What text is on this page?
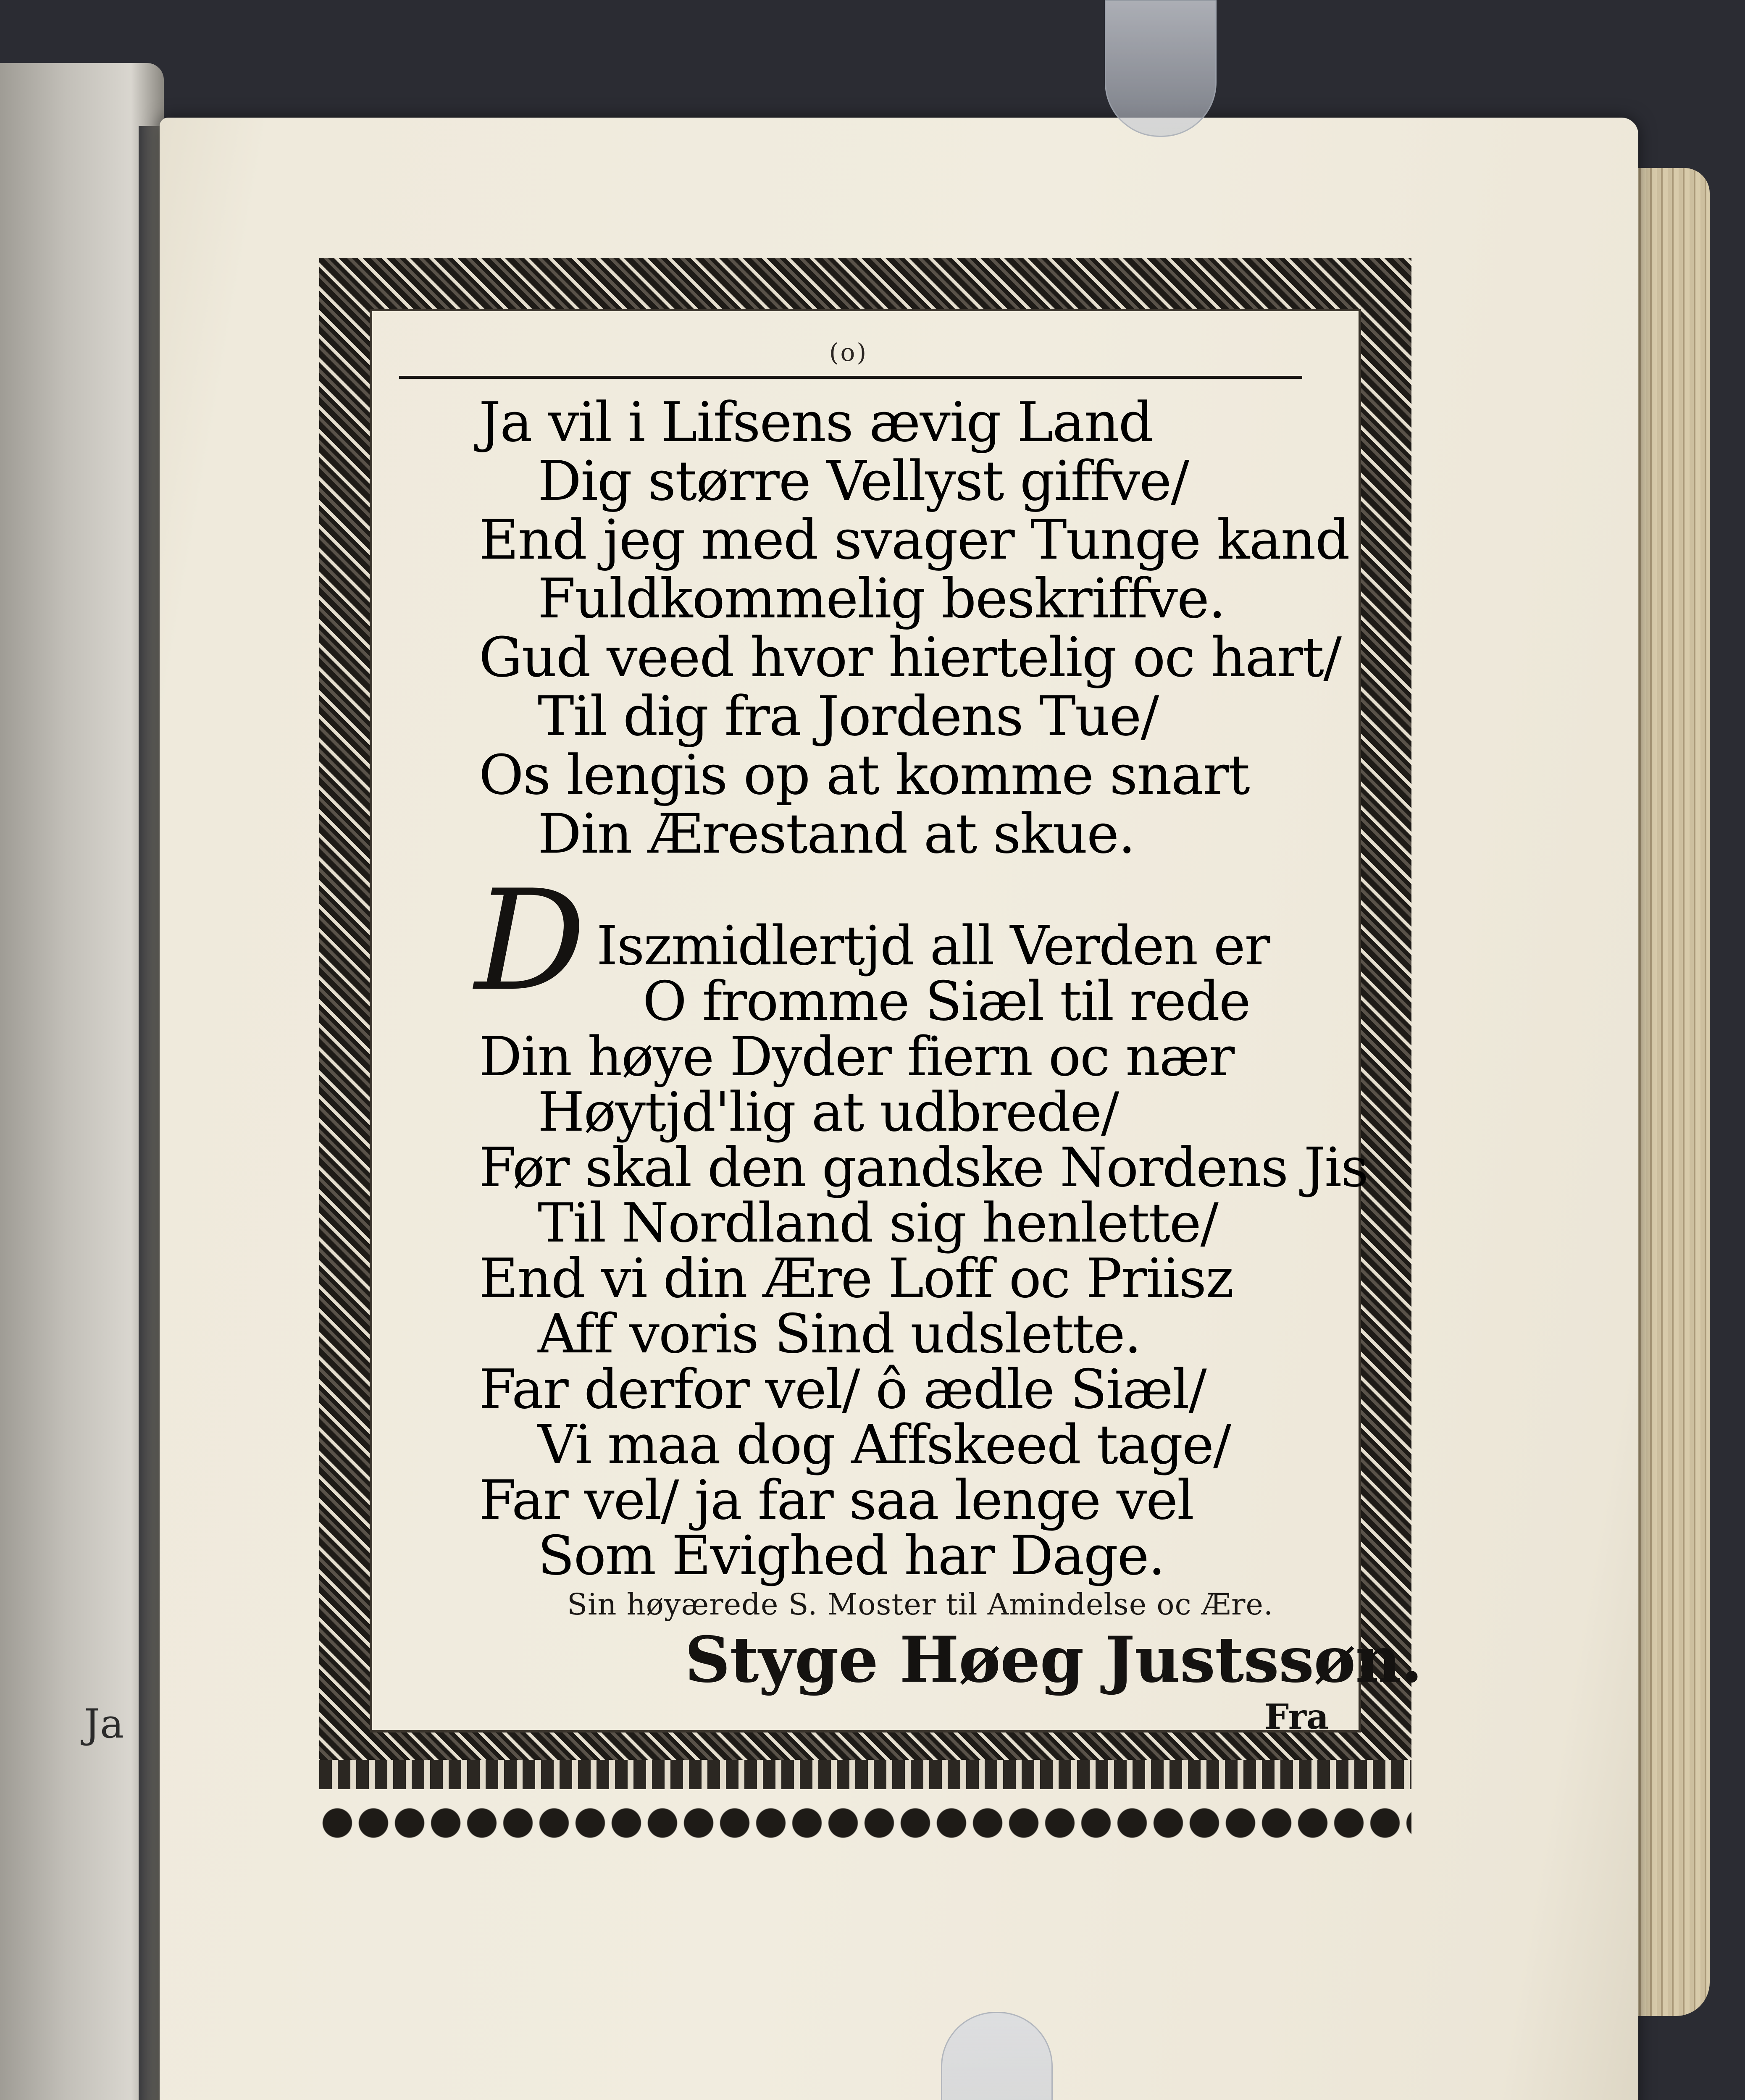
Ja
(o)
Ja vil i Lifsens ævig Land
Dig større Vellyst giffve/
End jeg med svager Tunge kand
Fuldkommelig beskriffve.
Gud veed hvor hiertelig oc hart/
Til dig fra Jordens Tue/
Os lengis op at komme snart
Din Ærestand at skue.
D Iszmidlertjd all Verden er
O fromme Siæl til rede
Din høye Dyder fiern oc nær
Høytjd'lig at udbrede/
Før skal den gandske Nordens Jis
Til Nordland sig henlette/
End vi din Ære Loff oc Priisz
Aff voris Sind udslette.
Far derfor vel/ ô ædle Siæl/
Vi maa dog Affskeed tage/
Far vel/ ja far saa lenge vel
Som Evighed har Dage.
Sin høyærede S. Moster til Amindelse oc Ære.
Styge Høeg Justssøn.
Fra
